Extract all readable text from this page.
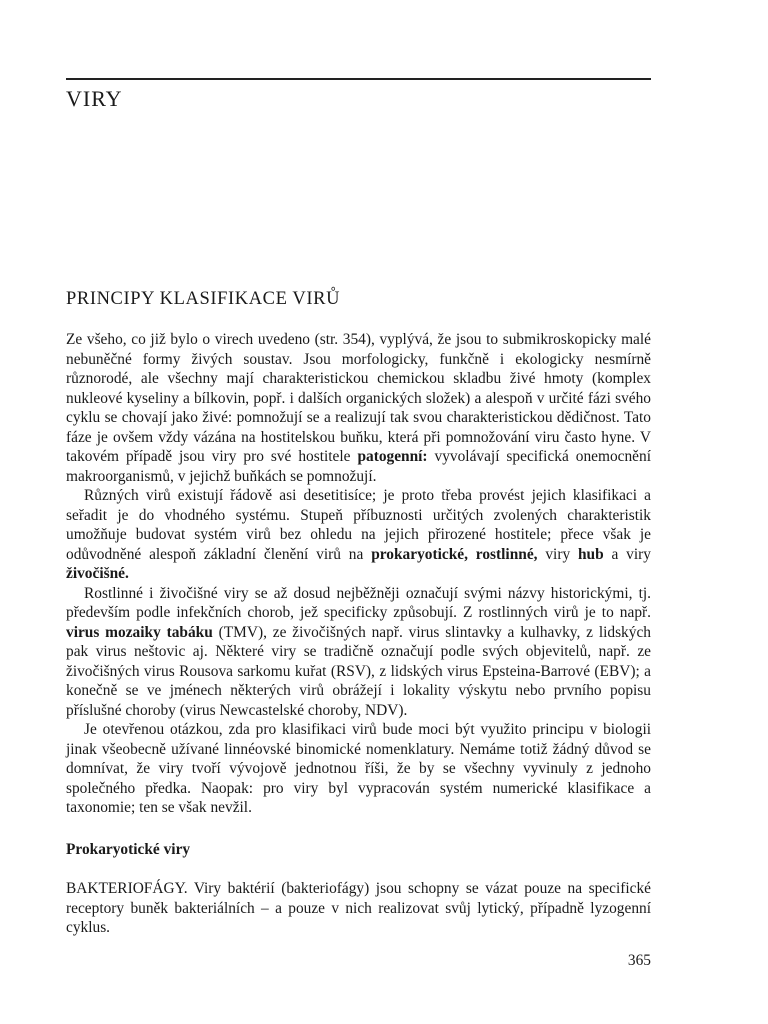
VIRY
PRINCIPY KLASIFIKACE VIRŮ

Ze všeho, co již bylo o virech uvedeno (str. 354), vyplývá, že jsou to submikroskopicky malé nebuněčné formy živých soustav. Jsou morfologicky, funkčně i ekologicky nesmírně různorodé, ale všechny mají charakteristickou chemickou skladbu živé hmoty (komplex nukleové kyseliny a bílkovin, popř. i dalších organických složek) a alespoň v určité fázi svého cyklu se chovají jako živé: pomnožují se a realizují tak svou charakteristickou dědičnost. Tato fáze je ovšem vždy vázána na hostitelskou buňku, která při pomnožování viru často hyne. V takovém případě jsou viry pro své hostitele patogenní: vyvolávají specifická onemocnění makroorganismů, v jejichž buňkách se pomnožují.

Různých virů existují řádově asi desetitisíce; je proto třeba provést jejich klasifikaci a seřadit je do vhodného systému. Stupeň příbuznosti určitých zvolených charakteristik umožňuje budovat systém virů bez ohledu na jejich přirozené hostitele; přece však je odůvodněné alespoň základní členění virů na prokaryotické, rostlinné, viry hub a viry živočišné.

Rostlinné i živočišné viry se až dosud nejběžněji označují svými názvy historickými, tj. především podle infekčních chorob, jež specificky způsobují. Z rostlinných virů je to např. virus mozaiky tabáku (TMV), ze živočišných např. virus slintavky a kulhavky, z lidských pak virus neštovic aj. Některé viry se tradičně označují podle svých objevitelů, např. ze živočišných virus Rousova sarkomu kuřat (RSV), z lidských virus Epsteina-Barrové (EBV); a konečně se ve jménech některých virů obrážejí i lokality výskytu nebo prvního popisu příslušné choroby (virus Newcastelské choroby, NDV).

Je otevřenou otázkou, zda pro klasifikaci virů bude moci být využito principu v biologii jinak všeobecně užívané linnéovské binomické nomenklatury. Nemáme totiž žádný důvod se domnívat, že viry tvoří vývojově jednotnou říši, že by se všechny vyvinuly z jednoho společného předka. Naopak: pro viry byl vypracován systém numerické klasifikace a taxonomie; ten se však nevžil.

Prokaryotické viry

BAKTERIOFÁGY. Viry baktérií (bakteriofágy) jsou schopny se vázat pouze na specifické receptory buněk bakteriálních – a pouze v nich realizovat svůj lytický, případně lyzogenní cyklus.

365
